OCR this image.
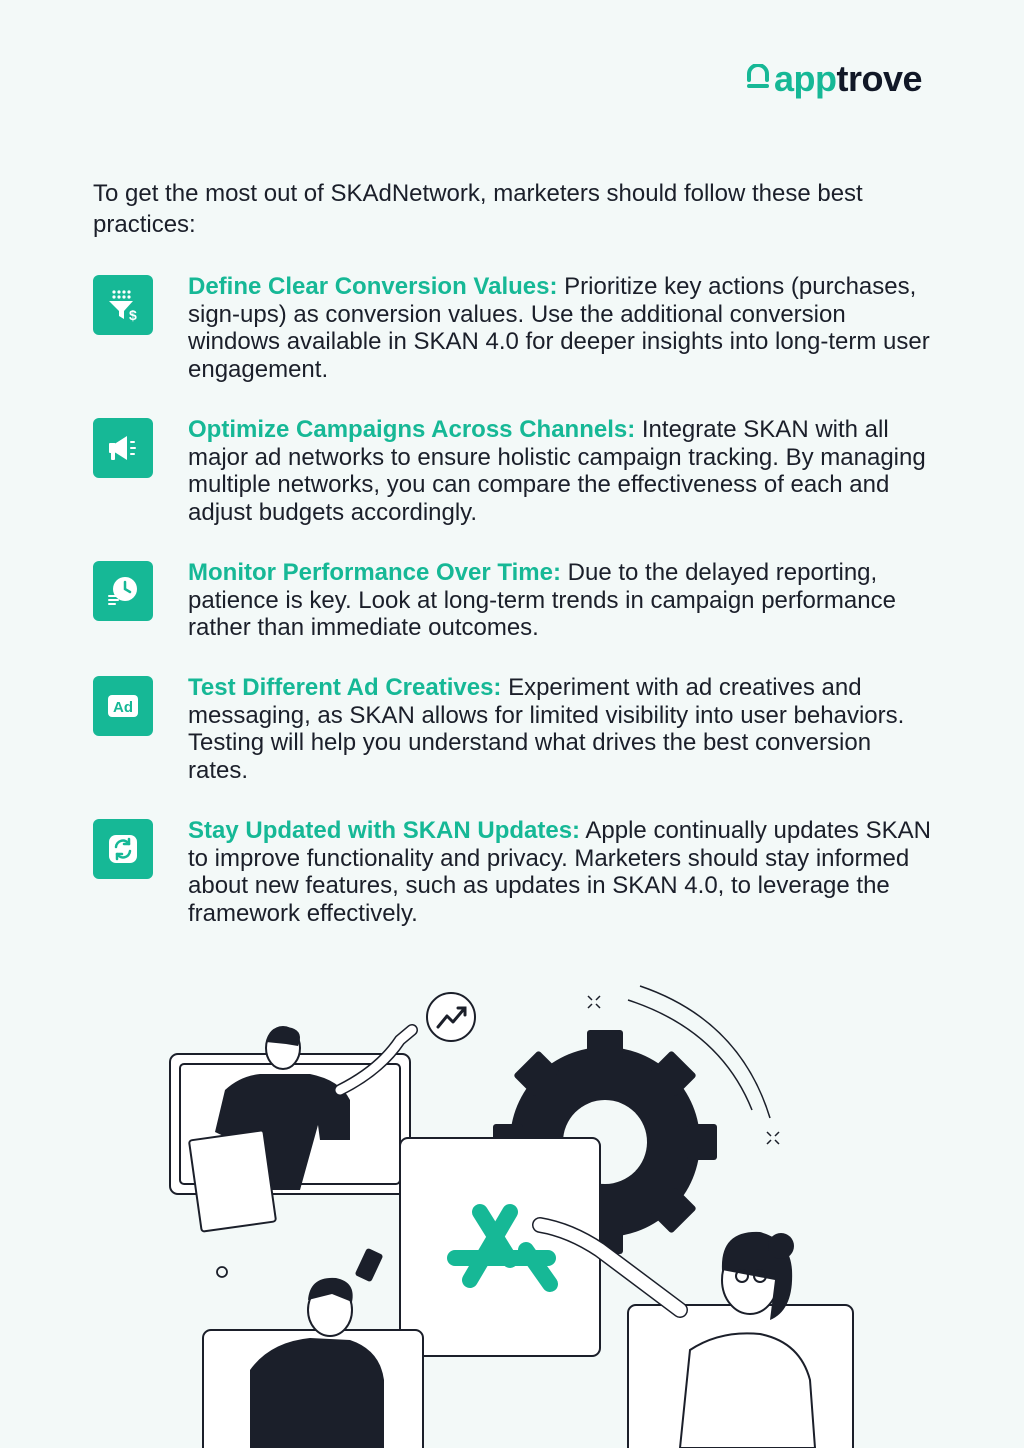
apptrove

To get the most out of SKAdNetwork, marketers should follow these best practices:

$
Define Clear Conversion Values: Prioritize key actions (purchases, sign-ups) as conversion values. Use the additional conversion windows available in SKAN 4.0 for deeper insights into long-term user engagement.
Optimize Campaigns Across Channels: Integrate SKAN with all major ad networks to ensure holistic campaign tracking. By managing multiple networks, you can compare the effectiveness of each and adjust budgets accordingly.
Monitor Performance Over Time: Due to the delayed reporting, patience is key. Look at long-term trends in campaign performance rather than immediate outcomes.
Ad
Test Different Ad Creatives: Experiment with ad creatives and messaging, as SKAN allows for limited visibility into user behaviors. Testing will help you understand what drives the best conversion rates.
Stay Updated with SKAN Updates: Apple continually updates SKAN to improve functionality and privacy. Marketers should stay informed about new features, such as updates in SKAN 4.0, to leverage the framework effectively.
